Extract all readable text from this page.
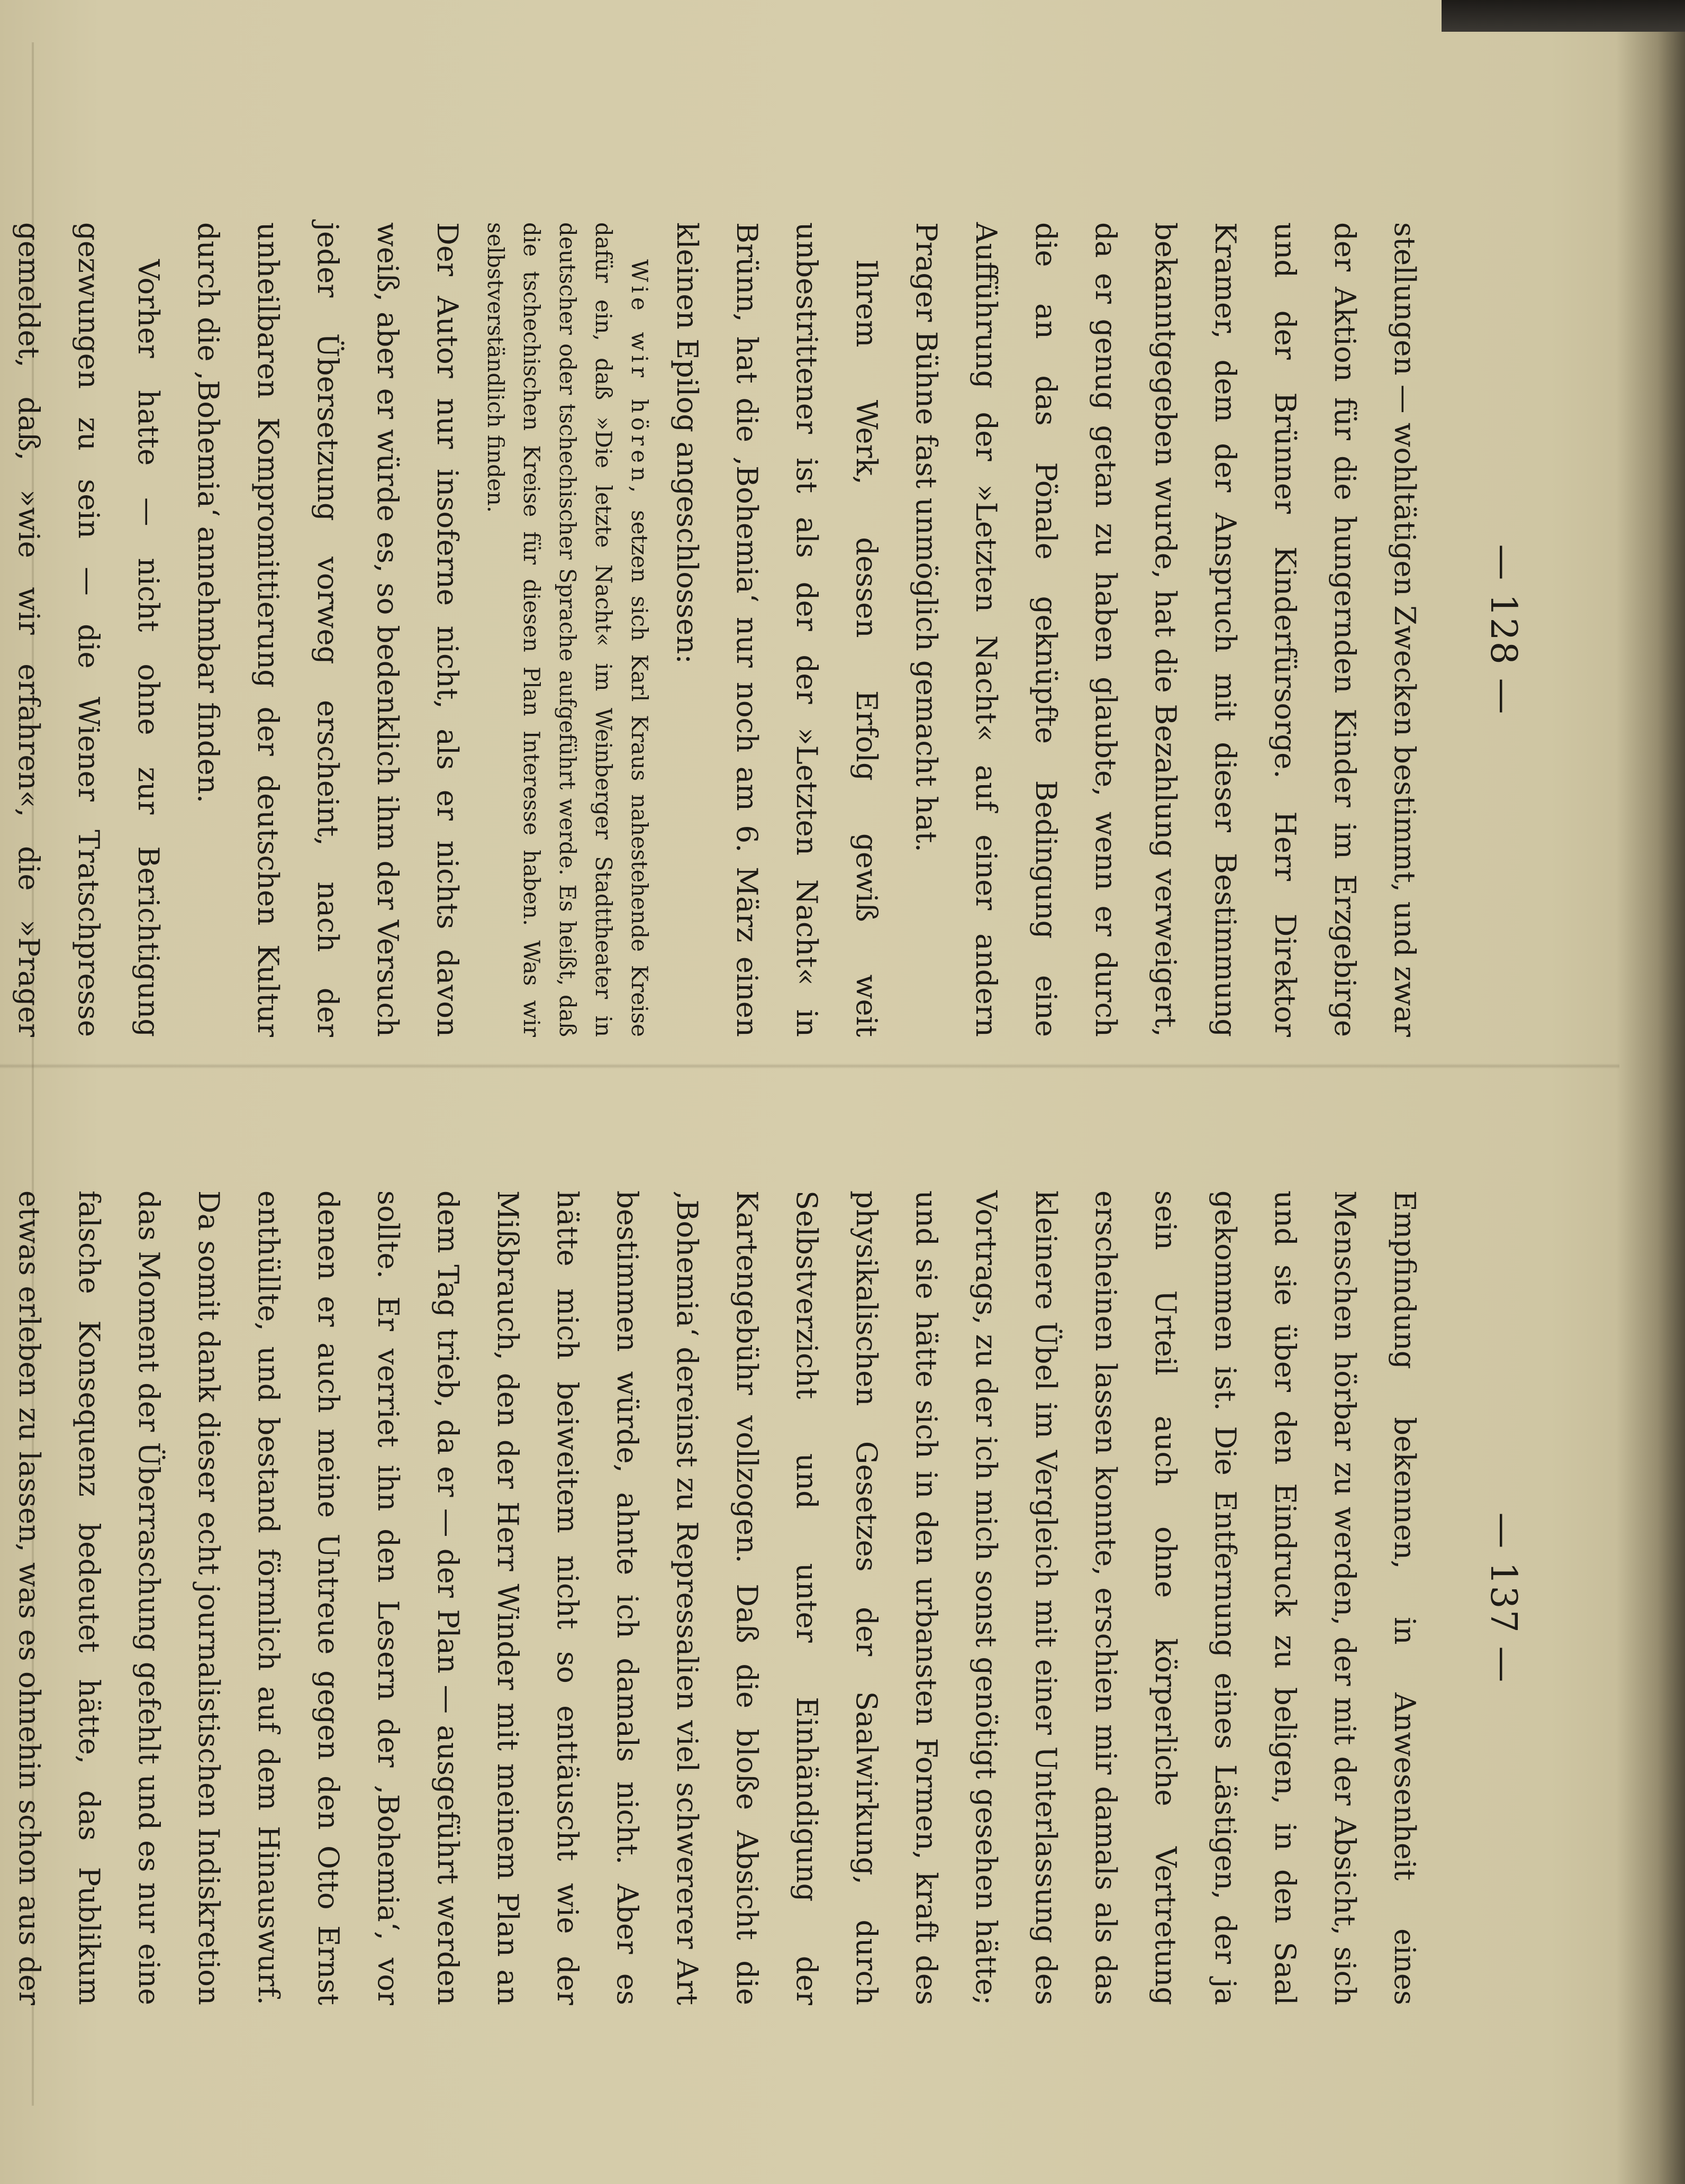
— 128 —

stellungen — wohltätigen Zwecken bestimmt, und zwar der Aktion für die hungernden Kinder im Erzgebirge und der Brünner Kinderfürsorge. Herr Direktor Kramer, dem der Anspruch mit dieser Bestimmung bekanntgegeben wurde, hat die Bezahlung verweigert, da er genug getan zu haben glaubte, wenn er durch die an das Pönale geknüpfte Bedingung eine Aufführung der »Letzten Nacht« auf einer andern Prager Bühne fast unmöglich gemacht hat.

Ihrem Werk, dessen Erfolg gewiß weit unbestrittener ist als der der »Letzten Nacht« in Brünn, hat die ‚Bohemia‘ nur noch am 6. März einen kleinen Epilog angeschlossen:

Wie wir hören, setzen sich Karl Kraus nahestehende Kreise dafür ein, daß »Die letzte Nacht« im Weinberger Stadttheater in deutscher oder tschechischer Sprache aufgeführt werde. Es heißt, daß die tschechischen Kreise für diesen Plan Interesse haben. Was wir selbstverständlich finden.

Der Autor nur insoferne nicht, als er nichts davon weiß, aber er würde es, so bedenklich ihm der Versuch jeder Übersetzung vorweg erscheint, nach der unheilbaren Kompromittierung der deutschen Kultur durch die ‚Bohemia‘ annehmbar finden.

Vorher hatte — nicht ohne zur Berichtigung gezwungen zu sein — die Wiener Tratschpresse gemeldet, daß, »wie wir erfahren«, die »Prager

— 137 —

Empfindung bekennen, in Anwesenheit eines Menschen hörbar zu werden, der mit der Absicht, sich und sie über den Eindruck zu beligen, in den Saal gekommen ist. Die Entfernung eines Lästigen, der ja sein Urteil auch ohne körperliche Vertretung erscheinen lassen konnte, erschien mir damals als das kleinere Übel im Vergleich mit einer Unterlassung des Vortrags, zu der ich mich sonst genötigt gesehen hätte; und sie hätte sich in den urbansten Formen, kraft des physikalischen Gesetzes der Saalwirkung, durch Selbstverzicht und unter Einhändigung der Kartengebühr vollzogen. Daß die bloße Absicht die ‚Bohemia‘ dereinst zu Repressalien viel schwererer Art bestimmen würde, ahnte ich damals nicht. Aber es hätte mich beiweitem nicht so enttäuscht wie der Mißbrauch, den der Herr Winder mit meinem Plan an dem Tag trieb, da er — der Plan — ausgeführt werden sollte. Er verriet ihn den Lesern der ‚Bohemia‘, vor denen er auch meine Untreue gegen den Otto Ernst enthüllte, und bestand förmlich auf dem Hinauswurf. Da somit dank dieser echt journalistischen Indiskretion das Moment der Überraschung gefehlt und es nur eine falsche Konsequenz bedeutet hätte, das Publikum etwas erleben zu lassen, was es ohnehin schon aus der
